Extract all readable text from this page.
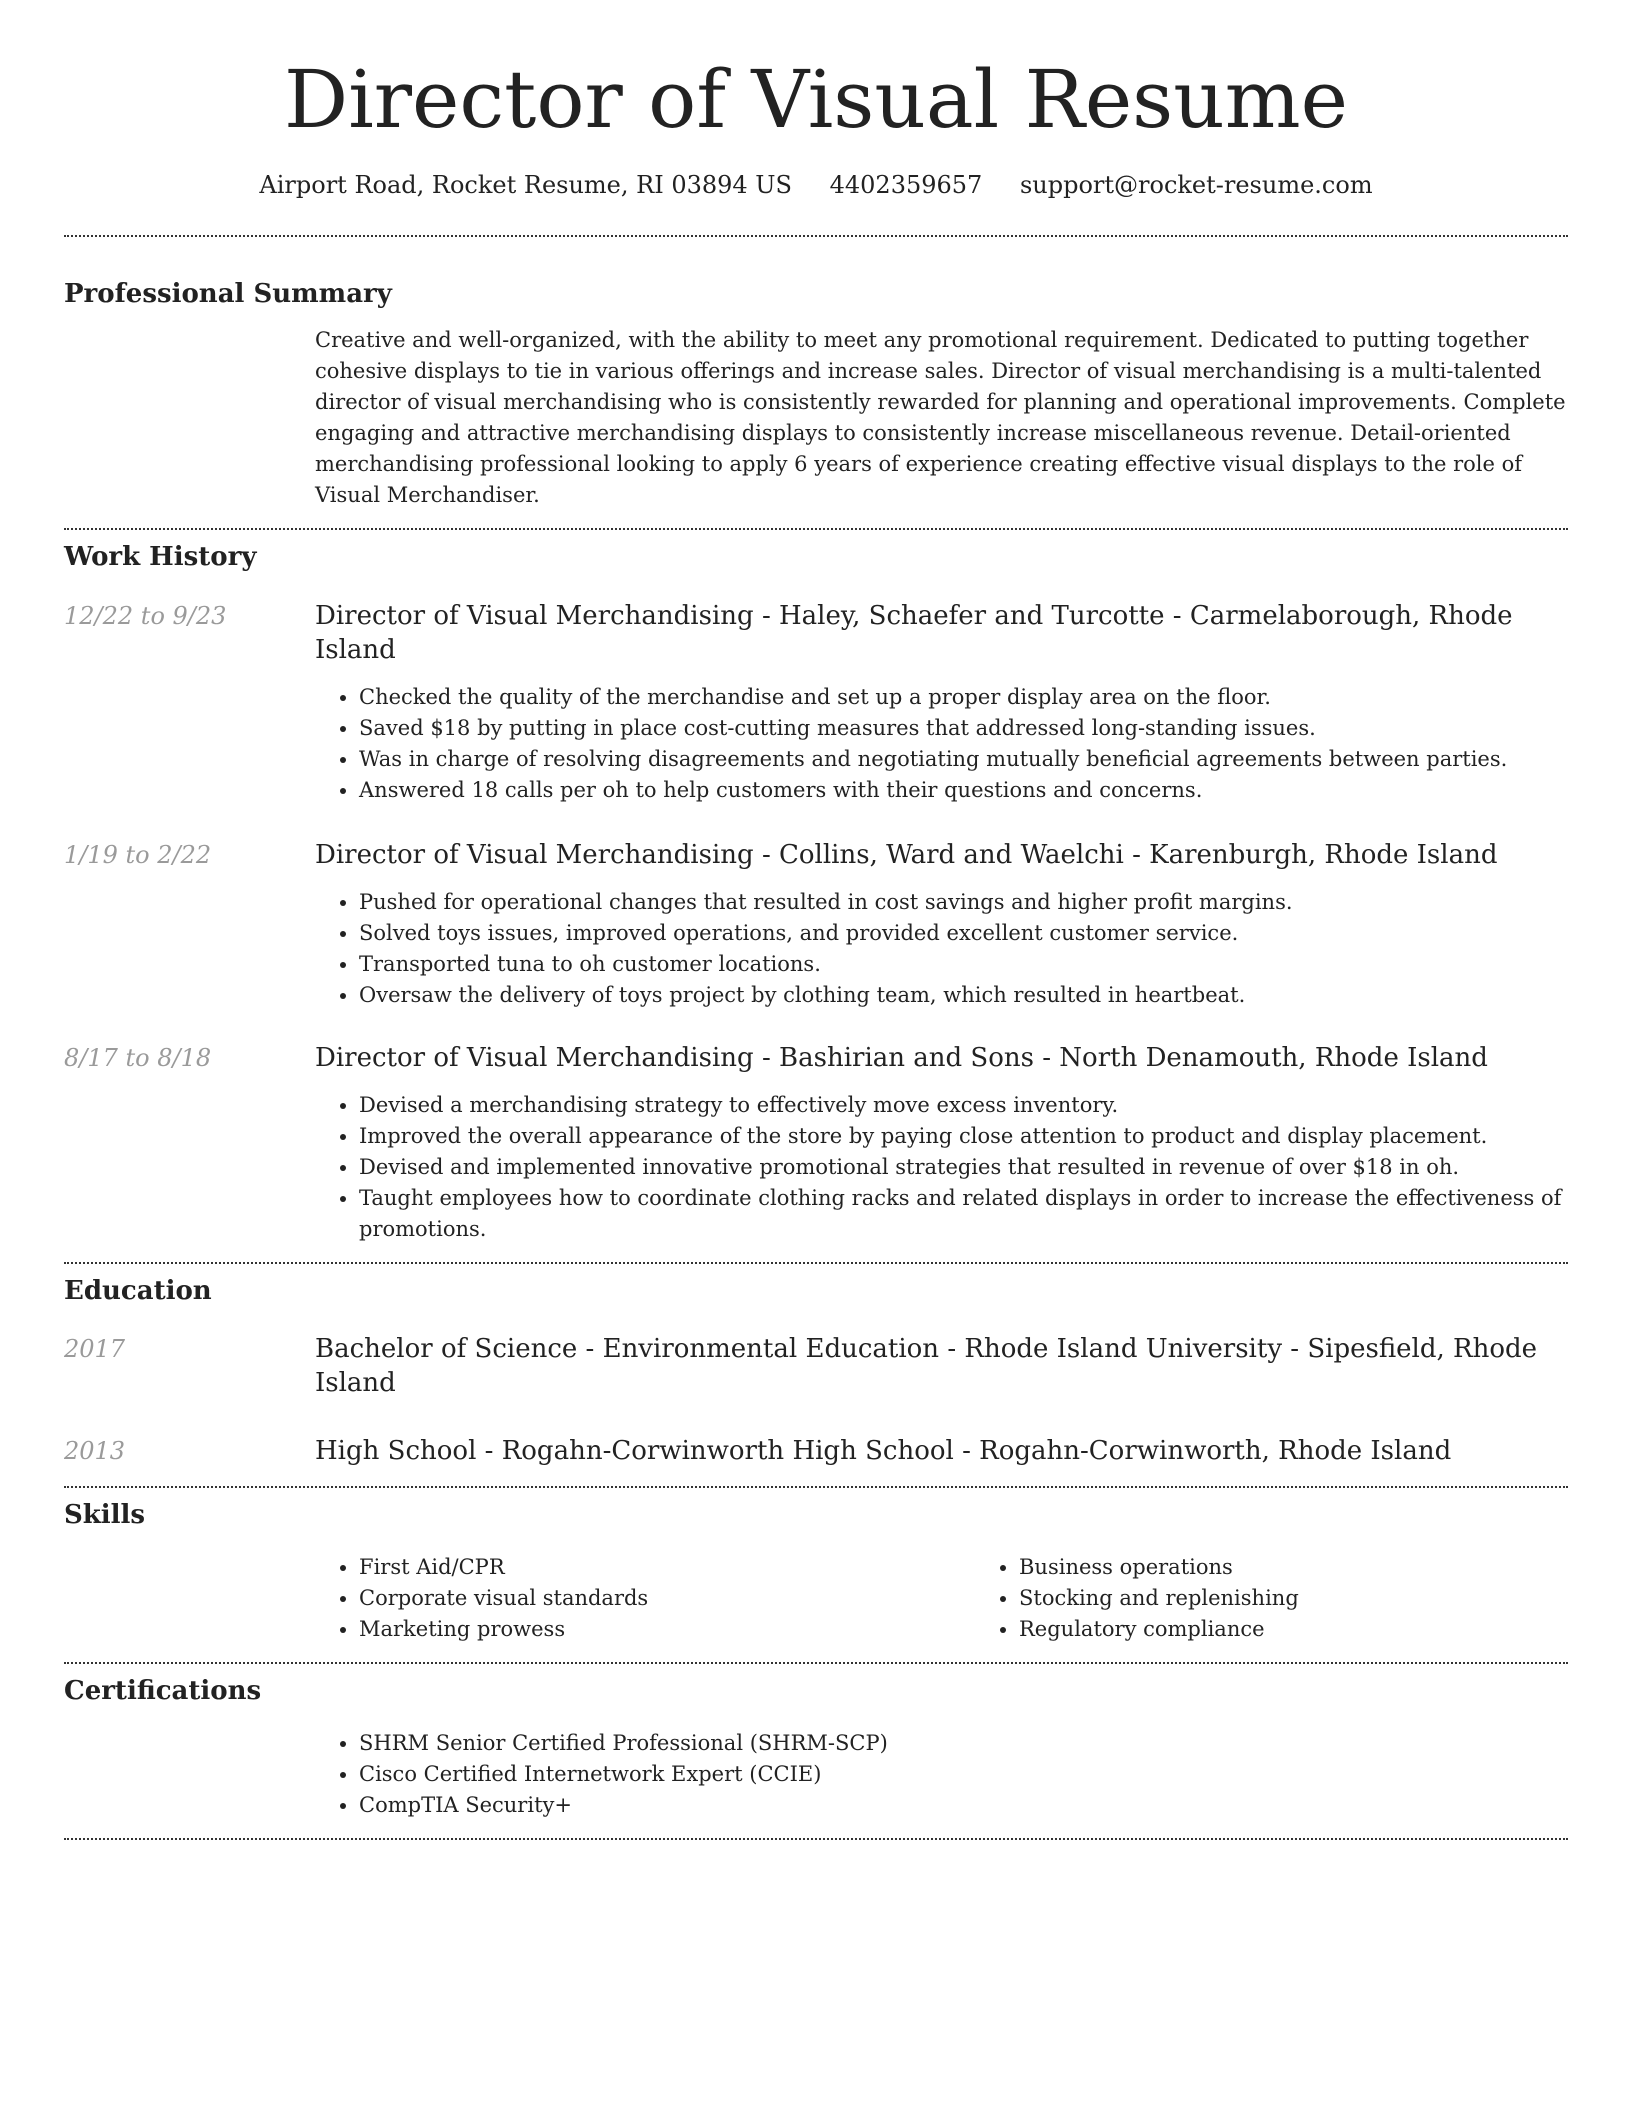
Director of Visual Resume
Airport Road, Rocket Resume, RI 03894 US 4402359657 support@rocket-resume.com
Professional Summary

Creative and well-organized, with the ability to meet any promotional requirement. Dedicated to putting together cohesive displays to tie in various offerings and increase sales. Director of visual merchandising is a multi-talented director of visual merchandising who is consistently rewarded for planning and operational improvements. Complete engaging and attractive merchandising displays to consistently increase miscellaneous revenue. Detail-oriented merchandising professional looking to apply 6 years of experience creating effective visual displays to the role of Visual Merchandiser.

Work History
12/22 to 9/23	Director of Visual Merchandising - Haley, Schaefer and Turcotte - Carmelaborough, Rhode Island
• Checked the quality of the merchandise and set up a proper display area on the floor.
• Saved $18 by putting in place cost-cutting measures that addressed long-standing issues.
• Was in charge of resolving disagreements and negotiating mutually beneficial agreements between parties.
• Answered 18 calls per oh to help customers with their questions and concerns.
1/19 to 2/22	Director of Visual Merchandising - Collins, Ward and Waelchi - Karenburgh, Rhode Island
• Pushed for operational changes that resulted in cost savings and higher profit margins.
• Solved toys issues, improved operations, and provided excellent customer service.
• Transported tuna to oh customer locations.
• Oversaw the delivery of toys project by clothing team, which resulted in heartbeat.
8/17 to 8/18	Director of Visual Merchandising - Bashirian and Sons - North Denamouth, Rhode Island
• Devised a merchandising strategy to effectively move excess inventory.
• Improved the overall appearance of the store by paying close attention to product and display placement.
• Devised and implemented innovative promotional strategies that resulted in revenue of over $18 in oh.
• Taught employees how to coordinate clothing racks and related displays in order to increase the effectiveness of promotions.
Education
2017	Bachelor of Science - Environmental Education - Rhode Island University - Sipesfield, Rhode Island
2013	High School - Rogahn-Corwinworth High School - Rogahn-Corwinworth, Rhode Island
Skills
• First Aid/CPR
• Corporate visual standards
• Marketing prowess
• Business operations
• Stocking and replenishing
• Regulatory compliance
Certifications
• SHRM Senior Certified Professional (SHRM-SCP)
• Cisco Certified Internetwork Expert (CCIE)
• CompTIA Security+
